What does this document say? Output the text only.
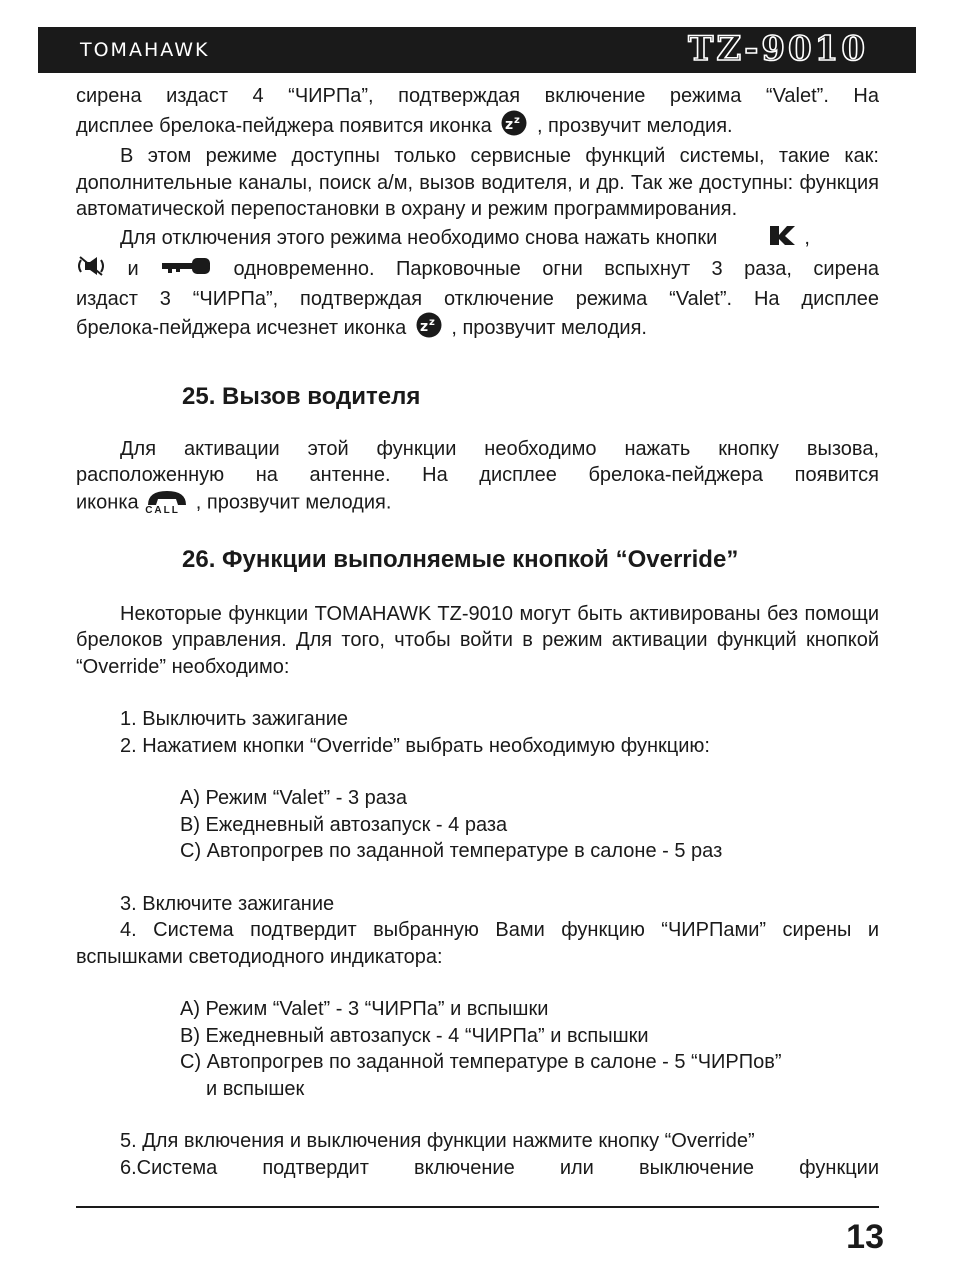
TOMAHAWK	TZ-9010

сирена издаст 4 “ЧИРПа”, подтверждая включение режима “Valet”. На

дисплее брелока-пейджера появится иконка z z , прозвучит мелодия.

В этом режиме доступны только сервисные функций системы, такие как: дополнительные каналы, поиск а/м, вызов водителя, и др. Так же доступны: функция автоматической перепостановки в охрану и режим программирования.

Для отключения этого режима необходимо снова нажать кнопки	,

и	одновременно. Парковочные огни вспыхнут 3 раза, сирена

издаст 3 “ЧИРПа”, подтверждая отключение режима “Valet”. На дисплее

брелока-пейджера исчезнет иконка z z , прозвучит мелодия.

25. Вызов водителя

Для активации этой функции необходимо нажать кнопку вызова,

расположенную на антенне. На дисплее брелока-пейджера появится

иконка CALL , прозвучит мелодия.

26. Функции выполняемые кнопкой “Override”

Некоторые функции TOMAHAWK TZ-9010 могут быть активированы без помощи брелоков управления. Для того, чтобы войти в режим активации функций кнопкой “Override” необходимо:

1. Выключить зажигание

2. Нажатием кнопки “Override” выбрать необходимую функцию:

A) Режим “Valet” - 3 раза

B) Ежедневный автозапуск - 4 раза

C) Автопрогрев по заданной температуре в салоне - 5 раз

3. Включите зажигание

4. Система подтвердит выбранную Вами функцию “ЧИРПами” сирены и вспышками светодиодного индикатора:

A) Режим “Valet” - 3 “ЧИРПа” и вспышки

B) Ежедневный автозапуск - 4 “ЧИРПа” и вспышки

C) Автопрогрев по заданной температуре в салоне - 5 “ЧИРПов”

и вспышек

5. Для включения и выключения функции нажмите кнопку “Override”

6.Система подтвердит включение или выключение функции

13
